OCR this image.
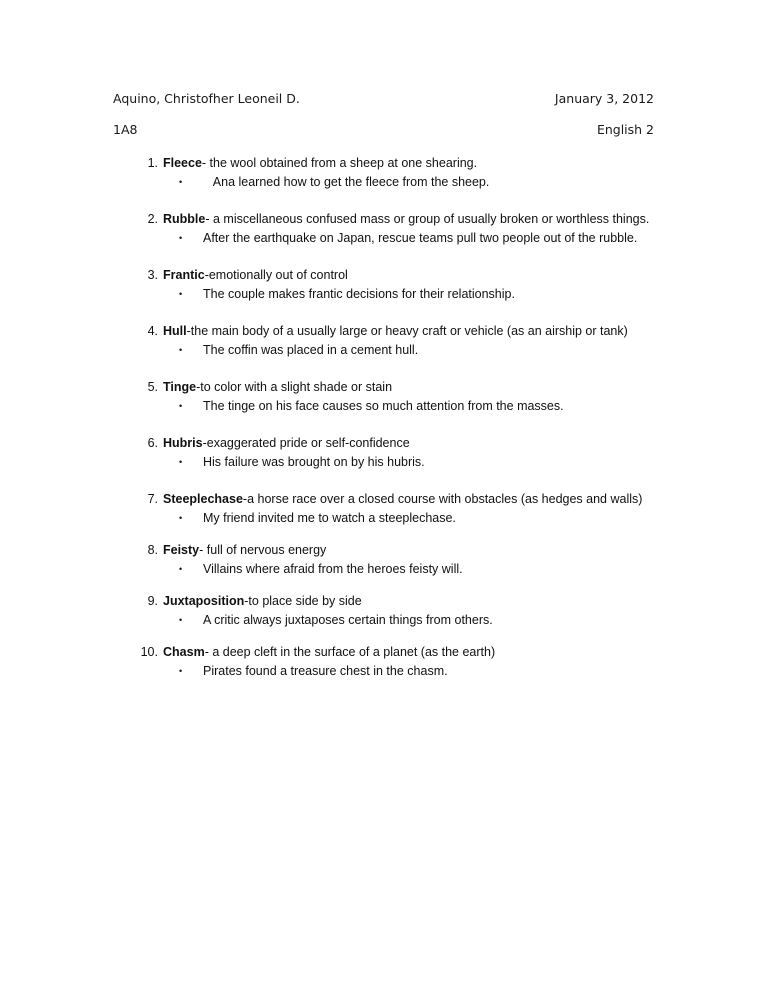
Aquino, Christofher Leoneil D.	January 3, 2012
1A8	English 2
1. Fleece- the wool obtained from a sheep at one shearing.
• Ana learned how to get the fleece from the sheep.
2. Rubble- a miscellaneous confused mass or group of usually broken or worthless things.
• After the earthquake on Japan, rescue teams pull two people out of the rubble.
3. Frantic-emotionally out of control
• The couple makes frantic decisions for their relationship.
4. Hull-the main body of a usually large or heavy craft or vehicle (as an airship or tank)
• The coffin was placed in a cement hull.
5. Tinge-to color with a slight shade or stain
• The tinge on his face causes so much attention from the masses.
6. Hubris-exaggerated pride or self-confidence
• His failure was brought on by his hubris.
7. Steeplechase-a horse race over a closed course with obstacles (as hedges and walls)
• My friend invited me to watch a steeplechase.
8. Feisty- full of nervous energy
• Villains where afraid from the heroes feisty will.
9. Juxtaposition-to place side by side
• A critic always juxtaposes certain things from others.
10. Chasm- a deep cleft in the surface of a planet (as the earth)
• Pirates found a treasure chest in the chasm.
